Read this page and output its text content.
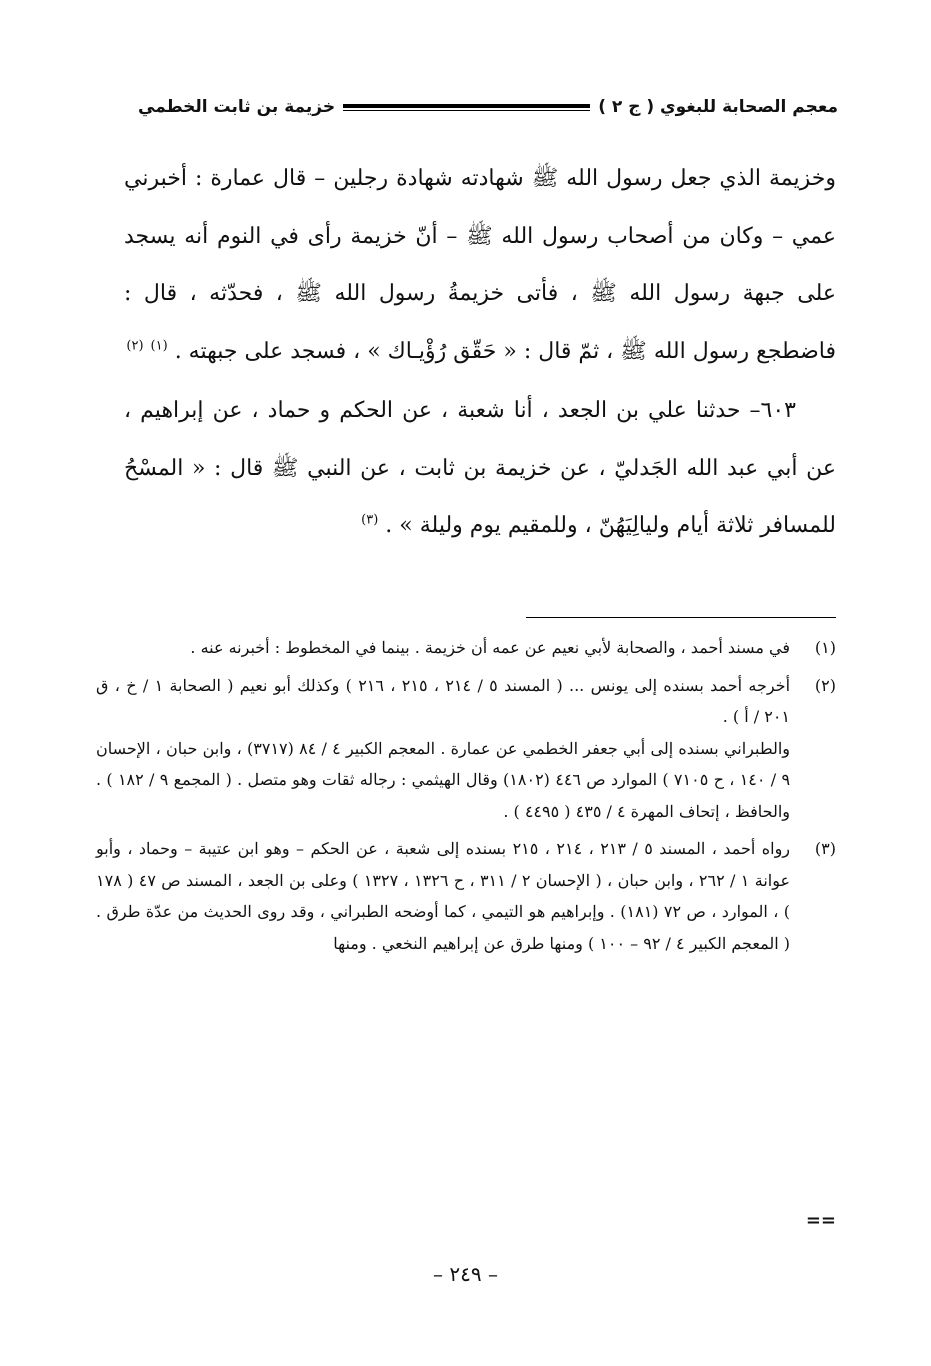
معجم الصحابة للبغوي ( ج ٢ )
خزيمة بن ثابت الخطمي

وخزيمة الذي جعل رسول الله ﷺ شهادته شهادة رجلين – قال عمارة : أخبرني عمي – وكان من أصحاب رسول الله ﷺ – أنّ خزيمة رأى في النوم أنه يسجد على جبهة رسول الله ﷺ ، فأتى خزيمةُ رسول الله ﷺ ، فحدّثه ، قال : فاضطجع رسول الله ﷺ ، ثمّ قال : « حَقّق رُؤْيـاك » ، فسجد على جبهته . $^{(١)}$ $^{(٢)}$

٦٠٣– حدثنا علي بن الجعد ، أنا شعبة ، عن الحكم و حماد ، عن إبراهيم ، عن أبي عبد الله الجَدليّ ، عن خزيمة بن ثابت ، عن النبي ﷺ قال : « المسْحُ للمسافر ثلاثة أيام وليالِيَهُنّ ، وللمقيم يوم وليلة » . $^{(٣)}$

(١)

في مسند أحمد ، والصحابة لأبي نعيم عن عمه أن خزيمة . بينما في المخطوط : أخبرنه عنه .

(٢)

أخرجه أحمد بسنده إلى يونس ... ( المسند ٥ / ٢١٤ ، ٢١٥ ، ٢١٦ ) وكذلك أبو نعيم ( الصحابة ١ / خ ، ق ٢٠١ / أ ) .

والطبراني بسنده إلى أبي جعفر الخطمي عن عمارة . المعجم الكبير ٤ / ٨٤ (٣٧١٧) ، وابن حبان ، الإحسان ٩ / ١٤٠ ، ح ٧١٠٥ ) الموارد ص ٤٤٦ (١٨٠٢) وقال الهيثمي : رجاله ثقات وهو متصل . ( المجمع ٩ / ١٨٢ ) . والحافظ ، إتحاف المهرة ٤ / ٤٣٥ ( ٤٤٩٥ ) .

(٣)

رواه أحمد ، المسند ٥ / ٢١٣ ، ٢١٤ ، ٢١٥ بسنده إلى شعبة ، عن الحكم – وهو ابن عتيبة – وحماد ، وأبو عوانة ١ / ٢٦٢ ، وابن حبان ، ( الإحسان ٢ / ٣١١ ، ح ١٣٢٦ ، ١٣٢٧ ) وعلى بن الجعد ، المسند ص ٤٧ ( ١٧٨ ) ، الموارد ، ص ٧٢ (١٨١) . وإبراهيم هو التيمي ، كما أوضحه الطبراني ، وقد روى الحديث من عدّة طرق . ( المعجم الكبير ٤ / ٩٢ – ١٠٠ ) ومنها طرق عن إبراهيم النخعي . ومنها

==
– ٢٤٩ –
